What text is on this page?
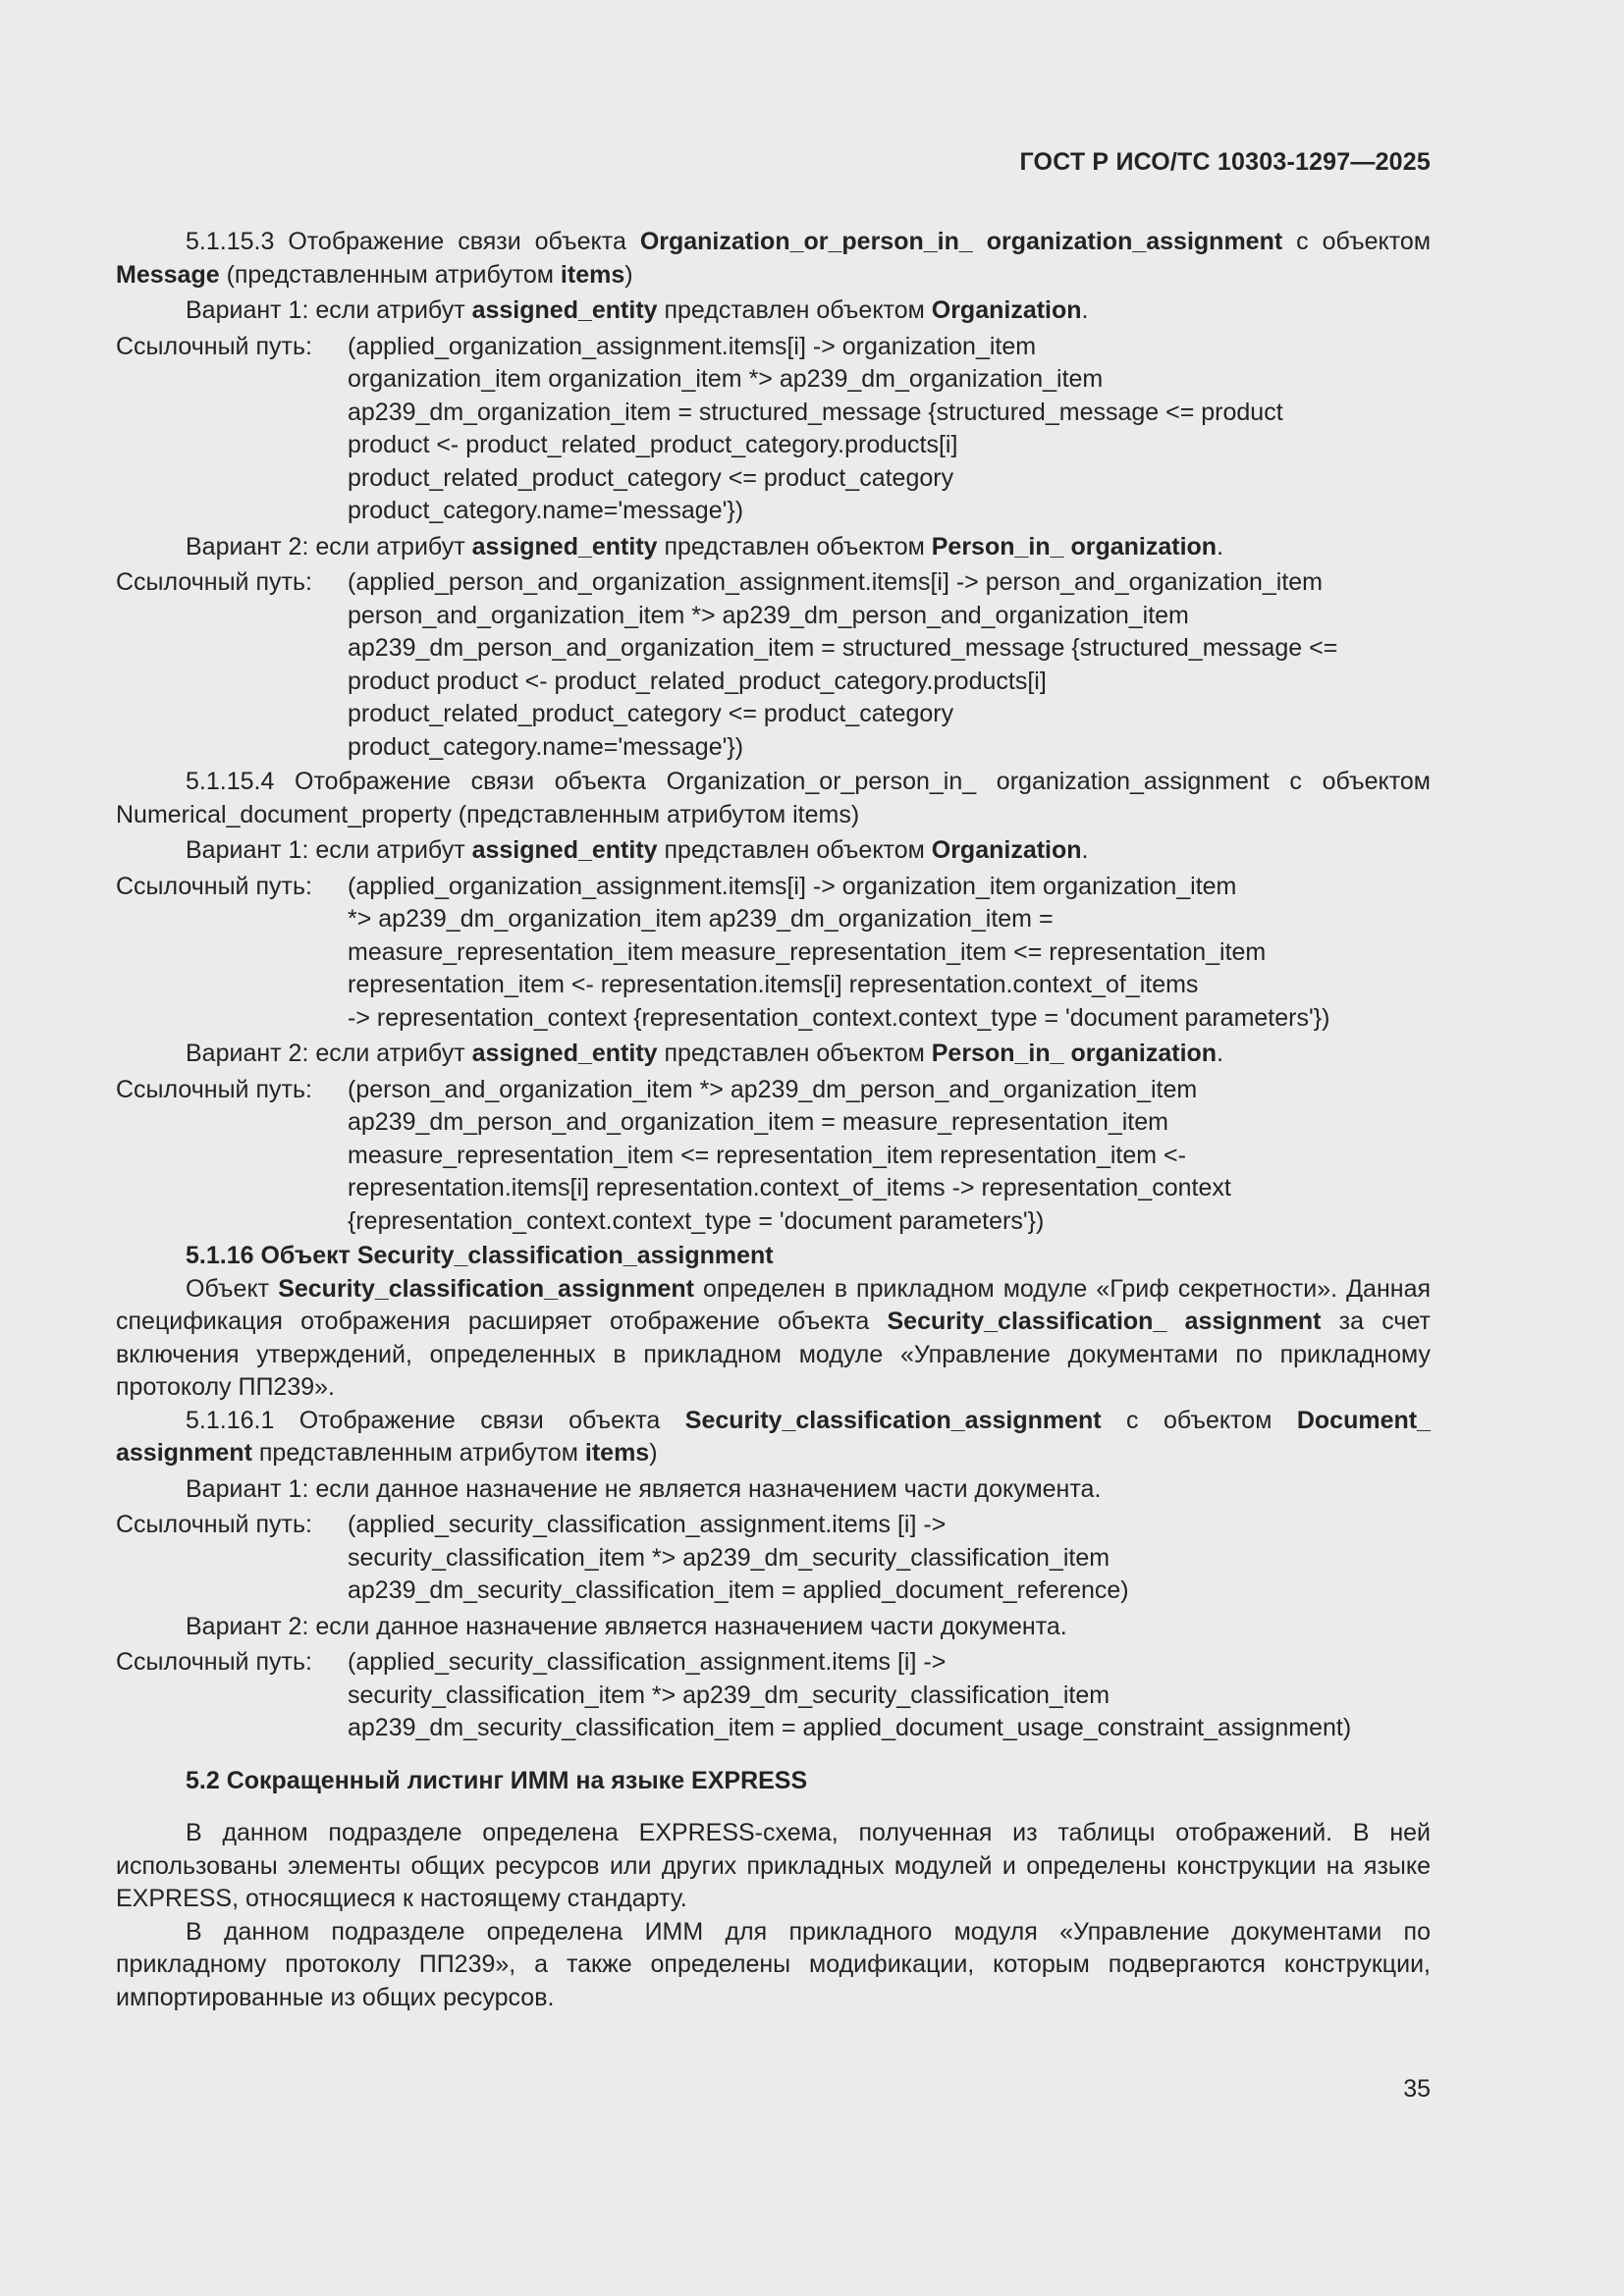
ГОСТ Р ИСО/ТС 10303-1297—2025

5.1.15.3 Отображение связи объекта Organization_or_person_in_ organization_assignment с объектом Message (представленным атрибутом items)

Вариант 1: если атрибут assigned_entity представлен объектом Organization.

Ссылочный путь:	(applied_organization_assignment.items[i] -> organization_item
organization_item organization_item *> ap239_dm_organization_item
ap239_dm_organization_item = structured_message {structured_message <= product
product <- product_related_product_category.products[i]
product_related_product_category <= product_category
product_category.name='message'})

Вариант 2: если атрибут assigned_entity представлен объектом Person_in_ organization.

Ссылочный путь:	(applied_person_and_organization_assignment.items[i] -> person_and_organization_item
person_and_organization_item *> ap239_dm_person_and_organization_item
ap239_dm_person_and_organization_item = structured_message {structured_message <=
product product <- product_related_product_category.products[i]
product_related_product_category <= product_category
product_category.name='message'})

5.1.15.4 Отображение связи объекта Organization_or_person_in_ organization_assignment с объектом Numerical_document_property (представленным атрибутом items)

Вариант 1: если атрибут assigned_entity представлен объектом Organization.

Ссылочный путь:	(applied_organization_assignment.items[i] -> organization_item organization_item
*> ap239_dm_organization_item ap239_dm_organization_item =
measure_representation_item measure_representation_item <= representation_item
representation_item <- representation.items[i] representation.context_of_items
-> representation_context {representation_context.context_type = 'document parameters'})

Вариант 2: если атрибут assigned_entity представлен объектом Person_in_ organization.

Ссылочный путь:	(person_and_organization_item *> ap239_dm_person_and_organization_item
ap239_dm_person_and_organization_item = measure_representation_item
measure_representation_item <= representation_item representation_item <-
representation.items[i] representation.context_of_items -> representation_context
{representation_context.context_type = 'document parameters'})

5.1.16 Объект Security_classification_assignment

Объект Security_classification_assignment определен в прикладном модуле «Гриф секретности». Данная спецификация отображения расширяет отображение объекта Security_classification_ assignment за счет включения утверждений, определенных в прикладном модуле «Управление документами по прикладному протоколу ПП239».

5.1.16.1 Отображение связи объекта Security_classification_assignment с объектом Document_ assignment представленным атрибутом items)

Вариант 1: если данное назначение не является назначением части документа.

Ссылочный путь:	(applied_security_classification_assignment.items [i] ->
security_classification_item *> ap239_dm_security_classification_item
ap239_dm_security_classification_item = applied_document_reference)

Вариант 2: если данное назначение является назначением части документа.

Ссылочный путь:	(applied_security_classification_assignment.items [i] ->
security_classification_item *> ap239_dm_security_classification_item
ap239_dm_security_classification_item = applied_document_usage_constraint_assignment)

5.2 Сокращенный листинг ИММ на языке EXPRESS

В данном подразделе определена EXPRESS-схема, полученная из таблицы отображений. В ней использованы элементы общих ресурсов или других прикладных модулей и определены конструкции на языке EXPRESS, относящиеся к настоящему стандарту.

В данном подразделе определена ИММ для прикладного модуля «Управление документами по прикладному протоколу ПП239», а также определены модификации, которым подвергаются конструкции, импортированные из общих ресурсов.

35
